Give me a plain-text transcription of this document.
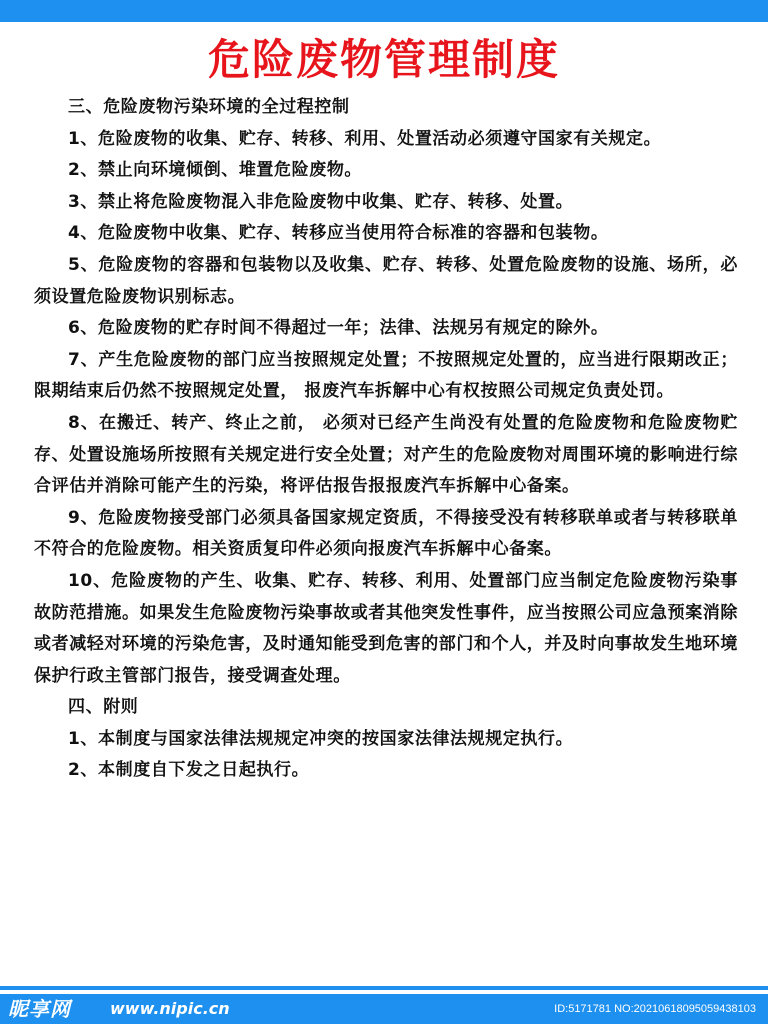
危险废物管理制度

三、危险废物污染环境的全过程控制

1、危险废物的收集、贮存、转移、利用、处置活动必须遵守国家有关规定。

2、禁止向环境倾倒、堆置危险废物。

3、禁止将危险废物混入非危险废物中收集、贮存、转移、处置。

4、危险废物中收集、贮存、转移应当使用符合标准的容器和包装物。

5、危险废物的容器和包装物以及收集、贮存、转移、处置危险废物的设施、场所，必须设置危险废物识别标志。

6、危险废物的贮存时间不得超过一年；法律、法规另有规定的除外。

7、产生危险废物的部门应当按照规定处置；不按照规定处置的，应当进行限期改正；限期结束后仍然不按照规定处置， 报废汽车拆解中心有权按照公司规定负责处罚。

8、在搬迁、转产、终止之前， 必须对已经产生尚没有处置的危险废物和危险废物贮存、处置设施场所按照有关规定进行安全处置；对产生的危险废物对周围环境的影响进行综合评估并消除可能产生的污染，将评估报告报报废汽车拆解中心备案。

9、危险废物接受部门必须具备国家规定资质，不得接受没有转移联单或者与转移联单不符合的危险废物。相关资质复印件必须向报废汽车拆解中心备案。

10、危险废物的产生、收集、贮存、转移、利用、处置部门应当制定危险废物污染事故防范措施。如果发生危险废物污染事故或者其他突发性事件，应当按照公司应急预案消除或者减轻对环境的污染危害，及时通知能受到危害的部门和个人，并及时向事故发生地环境保护行政主管部门报告，接受调查处理。

四、附则

1、本制度与国家法律法规规定冲突的按国家法律法规规定执行。

2、本制度自下发之日起执行。

昵享网 www.nipic.cn	ID:5171781 NO:20210618095059438103
